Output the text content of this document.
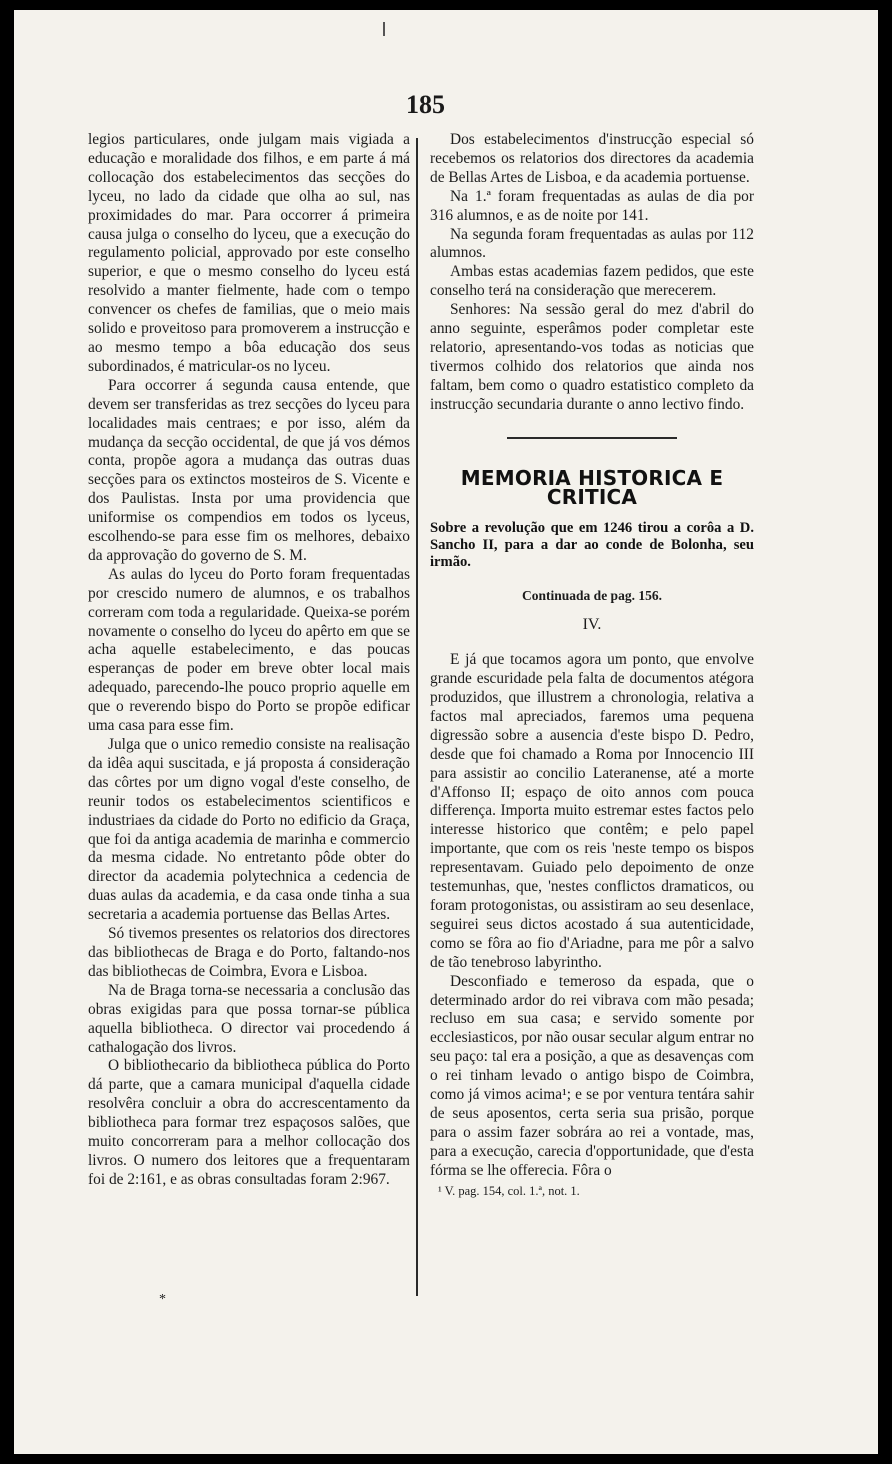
185

legios particulares, onde julgam mais vigiada a educação e moralidade dos filhos, e em parte á má collocação dos estabelecimentos das secções do lyceu, no lado da cidade que olha ao sul, nas proximidades do mar. Para occorrer á primeira causa julga o conselho do lyceu, que a execução do regulamento policial, approvado por este conselho superior, e que o mesmo conselho do lyceu está resolvido a manter fielmente, hade com o tempo convencer os chefes de familias, que o meio mais solido e proveitoso para promoverem a instrucção e ao mesmo tempo a bôa educação dos seus subordinados, é matricular-os no lyceu.

Para occorrer á segunda causa entende, que devem ser transferidas as trez secções do lyceu para localidades mais centraes; e por isso, além da mudança da secção occidental, de que já vos démos conta, propõe agora a mudança das outras duas secções para os extinctos mosteiros de S. Vicente e dos Paulistas. Insta por uma providencia que uniformise os compendios em todos os lyceus, escolhendo-se para esse fim os melhores, debaixo da approvação do governo de S. M.

As aulas do lyceu do Porto foram frequentadas por crescido numero de alumnos, e os trabalhos correram com toda a regularidade. Queixa-se porém novamente o conselho do lyceu do apêrto em que se acha aquelle estabelecimento, e das poucas esperanças de poder em breve obter local mais adequado, parecendo-lhe pouco proprio aquelle em que o reverendo bispo do Porto se propõe edificar uma casa para esse fim.

Julga que o unico remedio consiste na realisação da idêa aqui suscitada, e já proposta á consideração das côrtes por um digno vogal d'este conselho, de reunir todos os estabelecimentos scientificos e industriaes da cidade do Porto no edificio da Graça, que foi da antiga academia de marinha e commercio da mesma cidade. No entretanto pôde obter do director da academia polytechnica a cedencia de duas aulas da academia, e da casa onde tinha a sua secretaria a academia portuense das Bellas Artes.

Só tivemos presentes os relatorios dos directores das bibliothecas de Braga e do Porto, faltando-nos das bibliothecas de Coimbra, Evora e Lisboa.

Na de Braga torna-se necessaria a conclusão das obras exigidas para que possa tornar-se pública aquella bibliotheca. O director vai procedendo á cathalogação dos livros.

O bibliothecario da bibliotheca pública do Porto dá parte, que a camara municipal d'aquella cidade resolvêra concluir a obra do accrescentamento da bibliotheca para formar trez espaçosos salões, que muito concorreram para a melhor collocação dos livros. O numero dos leitores que a frequentaram foi de 2:161, e as obras consultadas foram 2:967.

Dos estabelecimentos d'instrucção especial só recebemos os relatorios dos directores da academia de Bellas Artes de Lisboa, e da academia portuense.

Na 1.ª foram frequentadas as aulas de dia por 316 alumnos, e as de noite por 141.

Na segunda foram frequentadas as aulas por 112 alumnos.

Ambas estas academias fazem pedidos, que este conselho terá na consideração que merecerem.

Senhores: Na sessão geral do mez d'abril do anno seguinte, esperâmos poder completar este relatorio, apresentando-vos todas as noticias que tivermos colhido dos relatorios que ainda nos faltam, bem como o quadro estatistico completo da instrucção secundaria durante o anno lectivo findo.

MEMORIA HISTORICA E CRITICA
Sobre a revolução que em 1246 tirou a corôa a D. Sancho II, para a dar ao conde de Bolonha, seu irmão.
Continuada de pag. 156.
IV.

E já que tocamos agora um ponto, que envolve grande escuridade pela falta de documentos atégora produzidos, que illustrem a chronologia, relativa a factos mal apreciados, faremos uma pequena digressão sobre a ausencia d'este bispo D. Pedro, desde que foi chamado a Roma por Innocencio III para assistir ao concilio Lateranense, até a morte d'Affonso II; espaço de oito annos com pouca differença. Importa muito estremar estes factos pelo interesse historico que contêm; e pelo papel importante, que com os reis 'neste tempo os bispos representavam. Guiado pelo depoimento de onze testemunhas, que, 'nestes conflictos dramaticos, ou foram protogonistas, ou assistiram ao seu desenlace, seguirei seus dictos acostado á sua autenticidade, como se fôra ao fio d'Ariadne, para me pôr a salvo de tão tenebroso labyrintho.

Desconfiado e temeroso da espada, que o determinado ardor do rei vibrava com mão pesada; recluso em sua casa; e servido somente por ecclesiasticos, por não ousar secular algum entrar no seu paço: tal era a posição, a que as desavenças com o rei tinham levado o antigo bispo de Coimbra, como já vimos acima¹; e se por ventura tentára sahir de seus aposentos, certa seria sua prisão, porque para o assim fazer sobrára ao rei a vontade, mas, para a execução, carecia d'opportunidade, que d'esta fórma se lhe offerecia. Fôra o

¹ V. pag. 154, col. 1.ª, not. 1.
*
